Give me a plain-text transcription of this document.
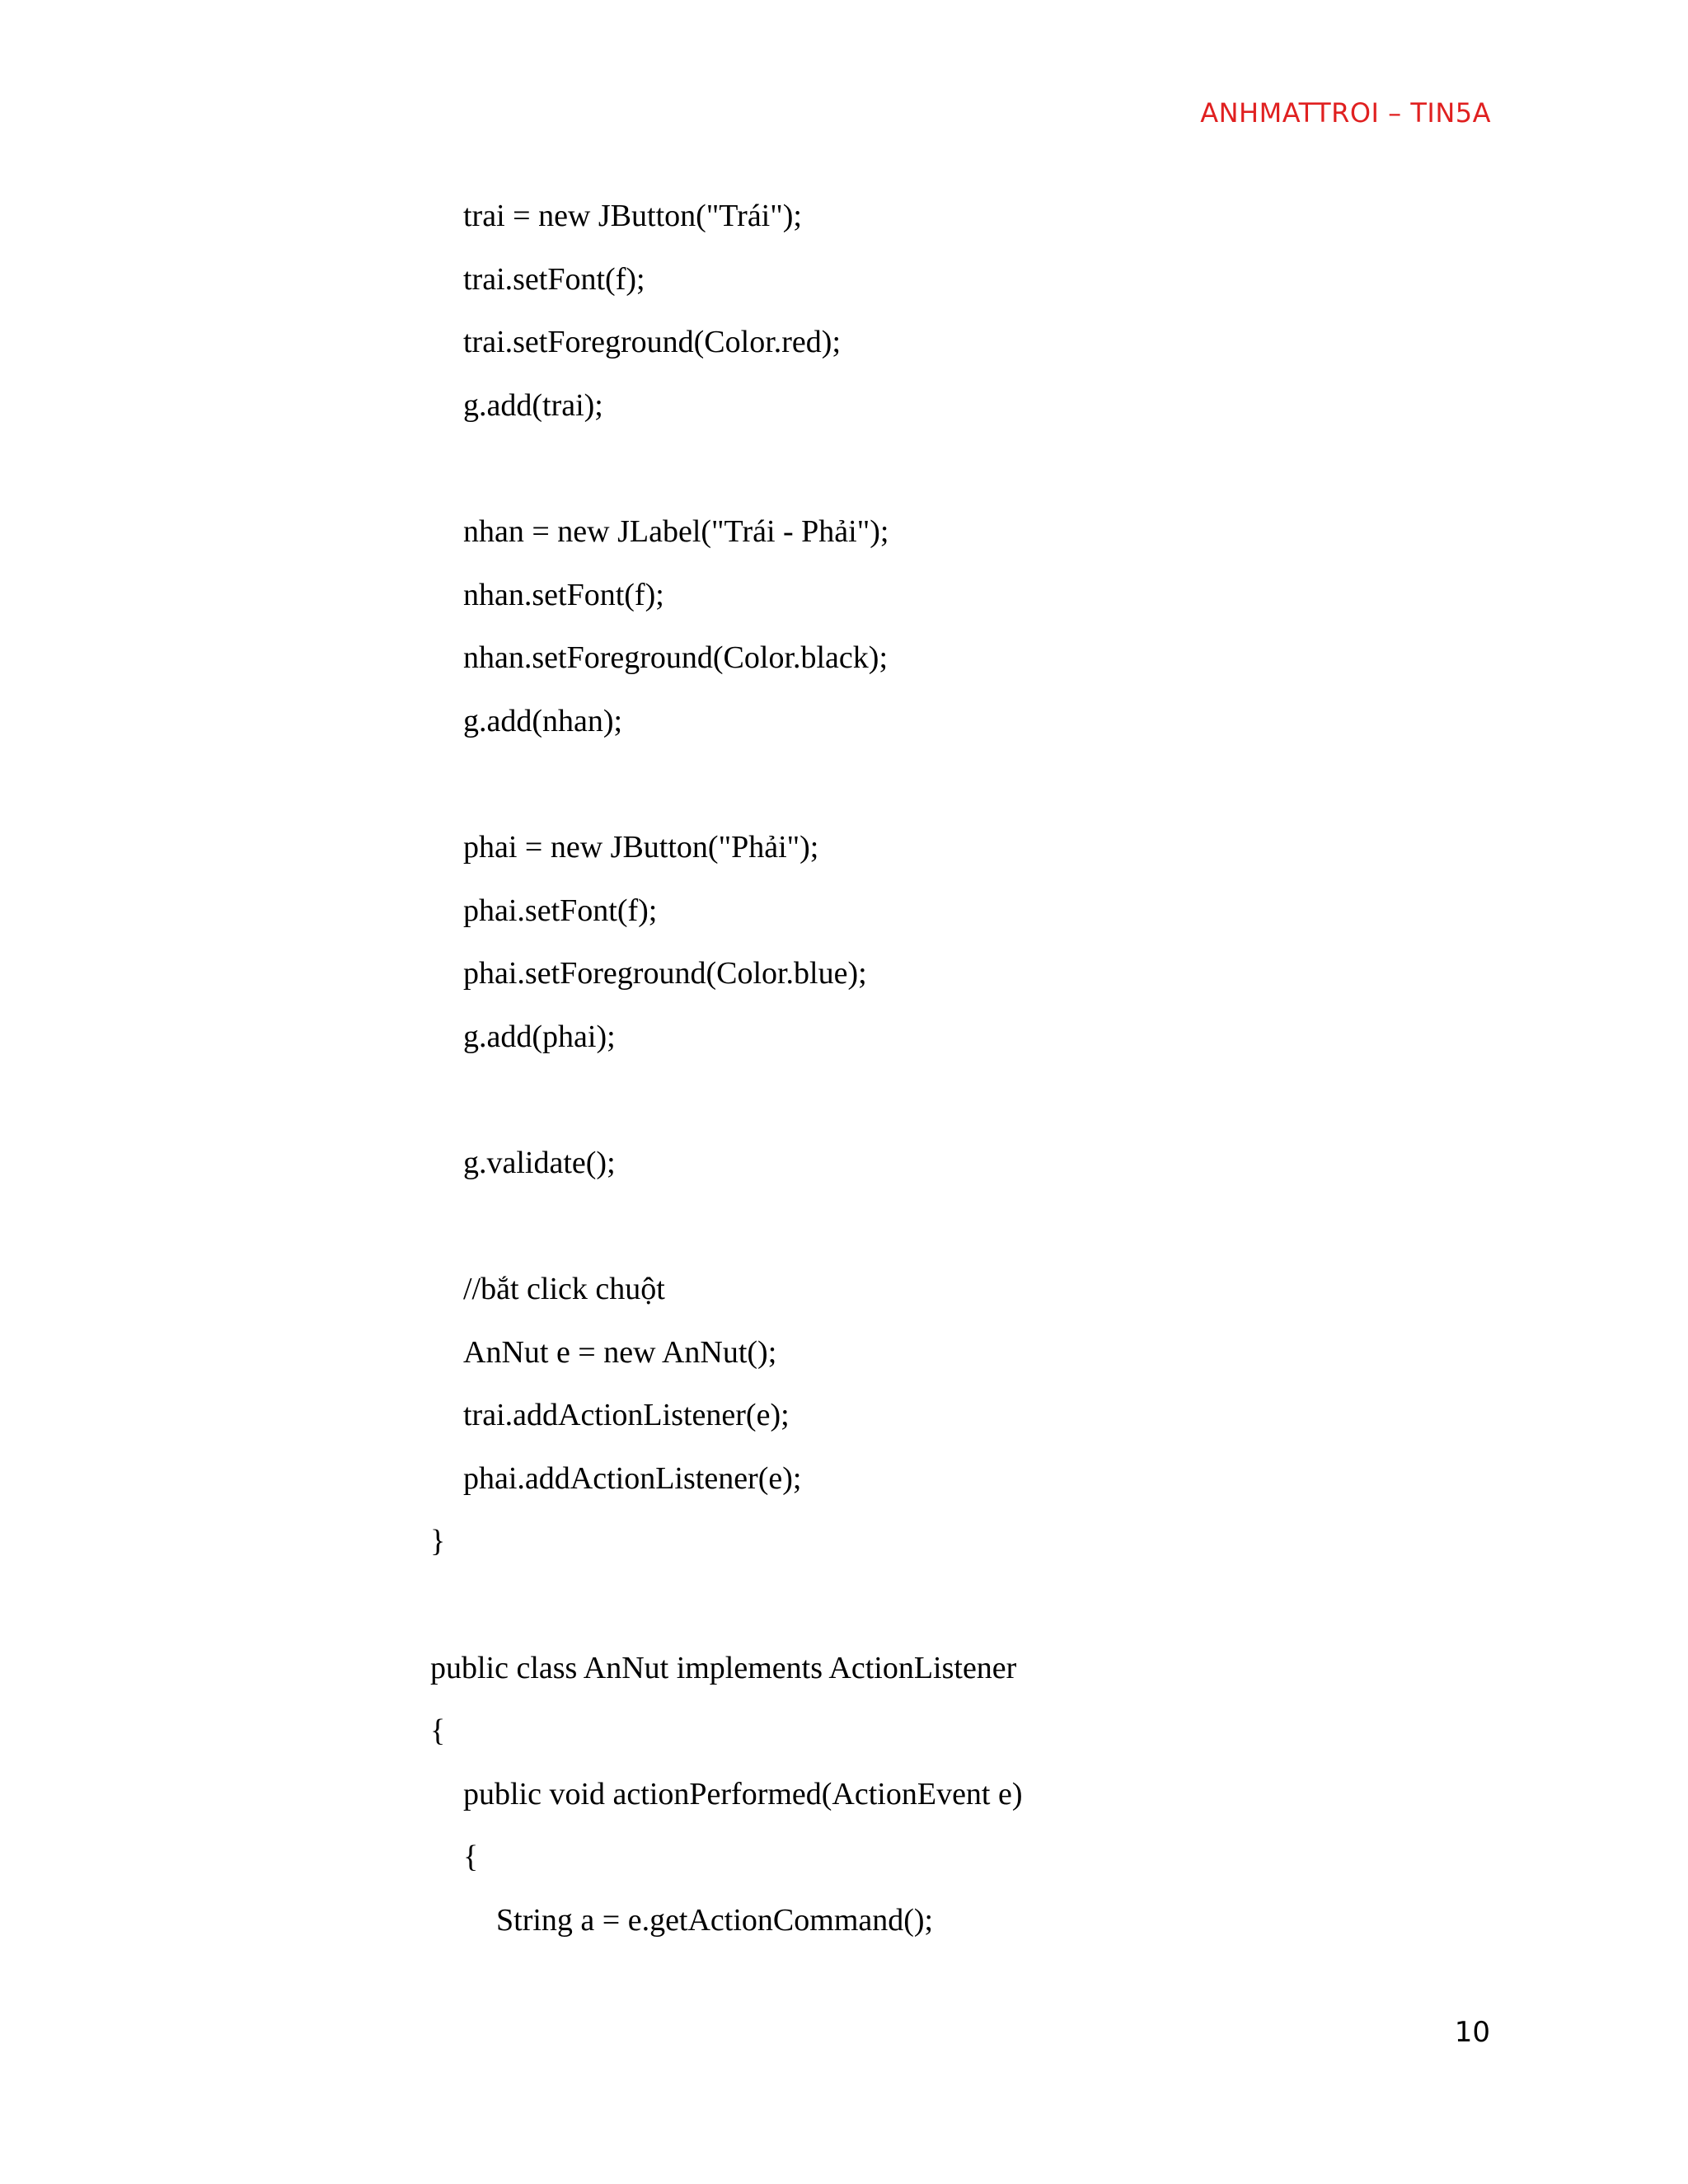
ANHMATTROI – TIN5A
trai = new JButton("Trái");
trai.setFont(f);
trai.setForeground(Color.red);
g.add(trai);
nhan = new JLabel("Trái - Phải");
nhan.setFont(f);
nhan.setForeground(Color.black);
g.add(nhan);
phai = new JButton("Phải");
phai.setFont(f);
phai.setForeground(Color.blue);
g.add(phai);
g.validate();
//bắt click chuột
AnNut e = new AnNut();
trai.addActionListener(e);
phai.addActionListener(e);
}
public class AnNut implements ActionListener
{
public void actionPerformed(ActionEvent e)
{
String a = e.getActionCommand();
10
